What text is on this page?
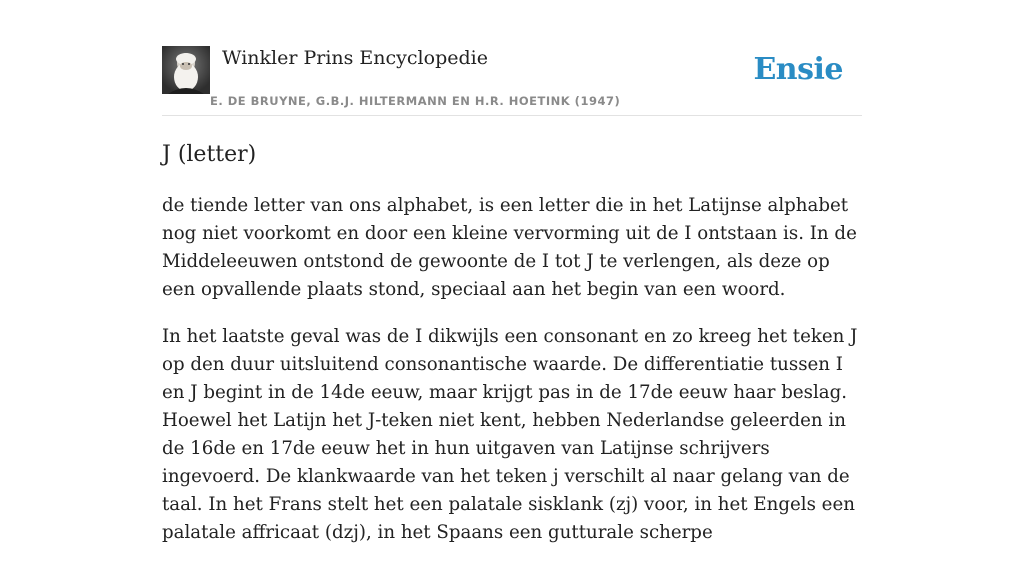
Winkler Prins Encyclopedie
E. DE BRUYNE, G.B.J. HILTERMANN EN H.R. HOETINK (1947)
Ensie
J (letter)

de tiende letter van ons alphabet, is een letter die in het Latijnse alphabet nog niet voorkomt en door een kleine vervorming uit de I ontstaan is. In de Middeleeuwen ontstond de gewoonte de I tot J te verlengen, als deze op een opvallende plaats stond, speciaal aan het begin van een woord.

In het laatste geval was de I dikwijls een consonant en zo kreeg het teken J op den duur uitsluitend consonantische waarde. De differentiatie tussen I en J begint in de 14de eeuw, maar krijgt pas in de 17de eeuw haar beslag. Hoewel het Latijn het J-teken niet kent, hebben Nederlandse geleerden in de 16de en 17de eeuw het in hun uitgaven van Latijnse schrijvers ingevoerd. De klankwaarde van het teken j verschilt al naar gelang van de taal. In het Frans stelt het een palatale sisklank (zj) voor, in het Engels een palatale affricaat (dzj), in het Spaans een gutturale scherpe
